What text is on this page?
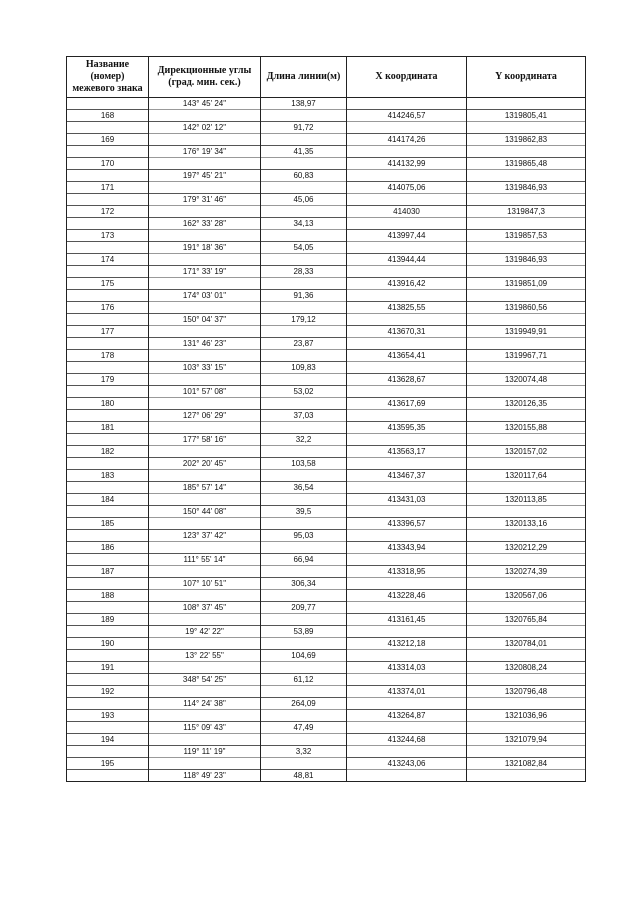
Название
(номер)
межевого знака	Дирекционные углы
(град. мин. сек.)	Длина линии(м)	X координата	Y координата
	143° 45' 24"	138,97		
168			414246,57	1319805,41
	142° 02' 12"	91,72		
169			414174,26	1319862,83
	176° 19' 34"	41,35		
170			414132,99	1319865,48
	197° 45' 21"	60,83		
171			414075,06	1319846,93
	179° 31' 46"	45,06		
172			414030	1319847,3
	162° 33' 28"	34,13		
173			413997,44	1319857,53
	191° 18' 36"	54,05		
174			413944,44	1319846,93
	171° 33' 19"	28,33		
175			413916,42	1319851,09
	174° 03' 01"	91,36		
176			413825,55	1319860,56
	150° 04' 37"	179,12		
177			413670,31	1319949,91
	131° 46' 23"	23,87		
178			413654,41	1319967,71
	103° 33' 15"	109,83		
179			413628,67	1320074,48
	101° 57' 08"	53,02		
180			413617,69	1320126,35
	127° 06' 29"	37,03		
181			413595,35	1320155,88
	177° 58' 16"	32,2		
182			413563,17	1320157,02
	202° 20' 45"	103,58		
183			413467,37	1320117,64
	185° 57' 14"	36,54		
184			413431,03	1320113,85
	150° 44' 08"	39,5		
185			413396,57	1320133,16
	123° 37' 42"	95,03		
186			413343,94	1320212,29
	111° 55' 14"	66,94		
187			413318,95	1320274,39
	107° 10' 51"	306,34		
188			413228,46	1320567,06
	108° 37' 45"	209,77		
189			413161,45	1320765,84
	19° 42' 22"	53,89		
190			413212,18	1320784,01
	13° 22' 55"	104,69		
191			413314,03	1320808,24
	348° 54' 25"	61,12		
192			413374,01	1320796,48
	114° 24' 38"	264,09		
193			413264,87	1321036,96
	115° 09' 43"	47,49		
194			413244,68	1321079,94
	119° 11' 19"	3,32		
195			413243,06	1321082,84
	118° 49' 23"	48,81		
